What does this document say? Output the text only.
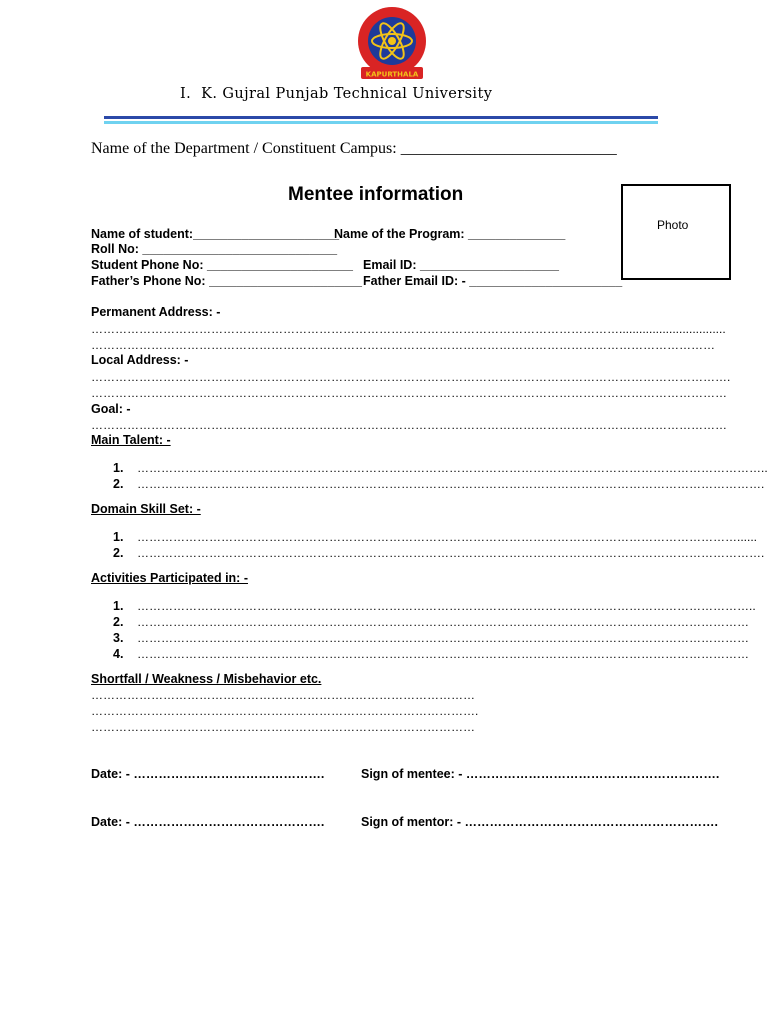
KAPURTHALA
I.  K. Gujral Punjab Technical University
Name of the Department / Constituent Campus: ___________________________
Mentee information
Photo
Name of student:_____________________
Name of the Program: ______________
Roll No: ____________________________
Student Phone No: _____________________ Email ID: ____________________
Father’s Phone No: ______________________ Father Email ID: - ______________________
Permanent Address: -
……………………………………………………………………………………………………………………................................
…………………………………………………………………………………………………………………………………………
Local Address: -
…………………………………………………………………………………………………………………………………………….
……………………………………………………………………………………………………………………………………………
Goal: -
……………………………………………………………………………………………………………………………………………
Main Talent: -
1. …………………………………………………………………………………………………………………………………………..
2. ………………………………………………………………………………………………………………………………………….
Domain Skill Set: -
1. ……………………………………………………………………………………………………………………………………......
2. ………………………………………………………………………………………………………………………………………….
Activities Participated in: -
1. ………………………………………………………………………………………………………………………………………..
2. ………………………………………………………………………………………………………………………………………
3. ………………………………………………………………………………………………………………………………………
4. ………………………………………………………………………………………………………………………………………
Shortfall / Weakness / Misbehavior etc.
……………………………………………………………………………………
…………………………………………………………………………………….
……………………………………………………………………………………
Date: - ……………………………………….	Sign of mentee: - …………………………………………………….
Date: - ……………………………………….	Sign of mentor: - …………………………………………………….
